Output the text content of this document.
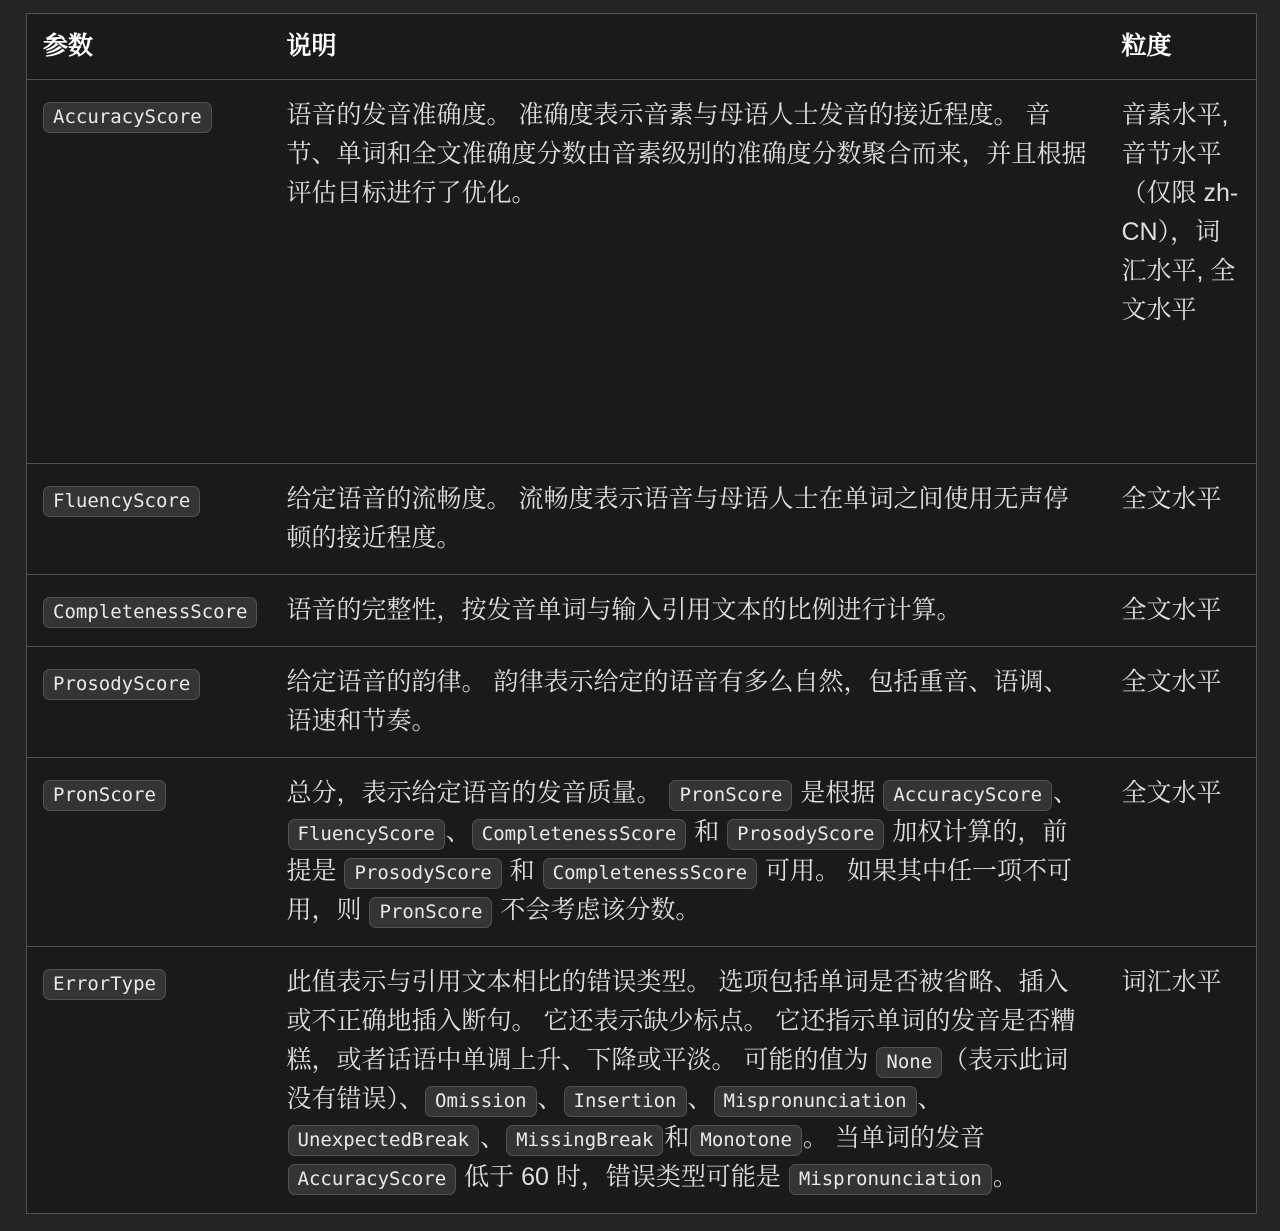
参数	说明	粒度
AccuracyScore	语音的发音准确度。 准确度表示音素与母语人士发音的接近程度。 音节、单词和全文准确度分数由音素级别的准确度分数聚合而来，并且根据评估目标进行了优化。	音素水平, 音节水平（仅限 zh-CN），词汇水平, 全文水平
FluencyScore	给定语音的流畅度。 流畅度表示语音与母语人士在单词之间使用无声停顿的接近程度。	全文水平
CompletenessScore	语音的完整性，按发音单词与输入引用文本的比例进行计算。	全文水平
ProsodyScore	给定语音的韵律。 韵律表示给定的语音有多么自然，包括重音、语调、语速和节奏。	全文水平
PronScore	总分，表示给定语音的发音质量。 PronScore 是根据 AccuracyScore 、FluencyScore 、 CompletenessScore 和 ProsodyScore 加权计算的，前提是 ProsodyScore 和 CompletenessScore 可用。 如果其中任一项不可用，则 PronScore 不会考虑该分数。	全文水平
ErrorType	此值表示与引用文本相比的错误类型。 选项包括单词是否被省略、插入或不正确地插入断句。 它还表示缺少标点。 它还指示单词的发音是否糟糕，或者话语中单调上升、下降或平淡。 可能的值为 None （表示此词没有错误）、 Omission 、 Insertion 、 Mispronunciation 、UnexpectedBreak 、 MissingBreak 和 Monotone 。 当单词的发音 AccuracyScore 低于 60 时，错误类型可能是 Mispronunciation 。	词汇水平
